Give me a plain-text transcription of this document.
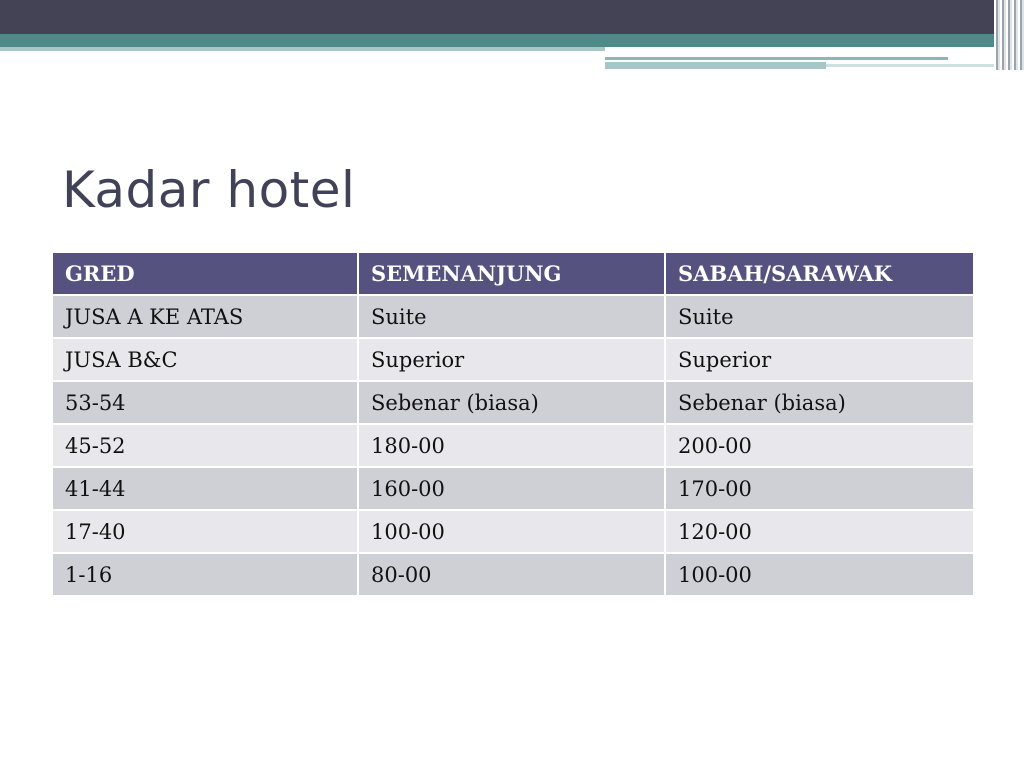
Kadar hotel
GRED	SEMENANJUNG	SABAH/SARAWAK
JUSA A KE ATAS	Suite	Suite
JUSA B&C	Superior	Superior
53-54	Sebenar (biasa)	Sebenar (biasa)
45-52	180-00	200-00
41-44	160-00	170-00
17-40	100-00	120-00
1-16	80-00	100-00
